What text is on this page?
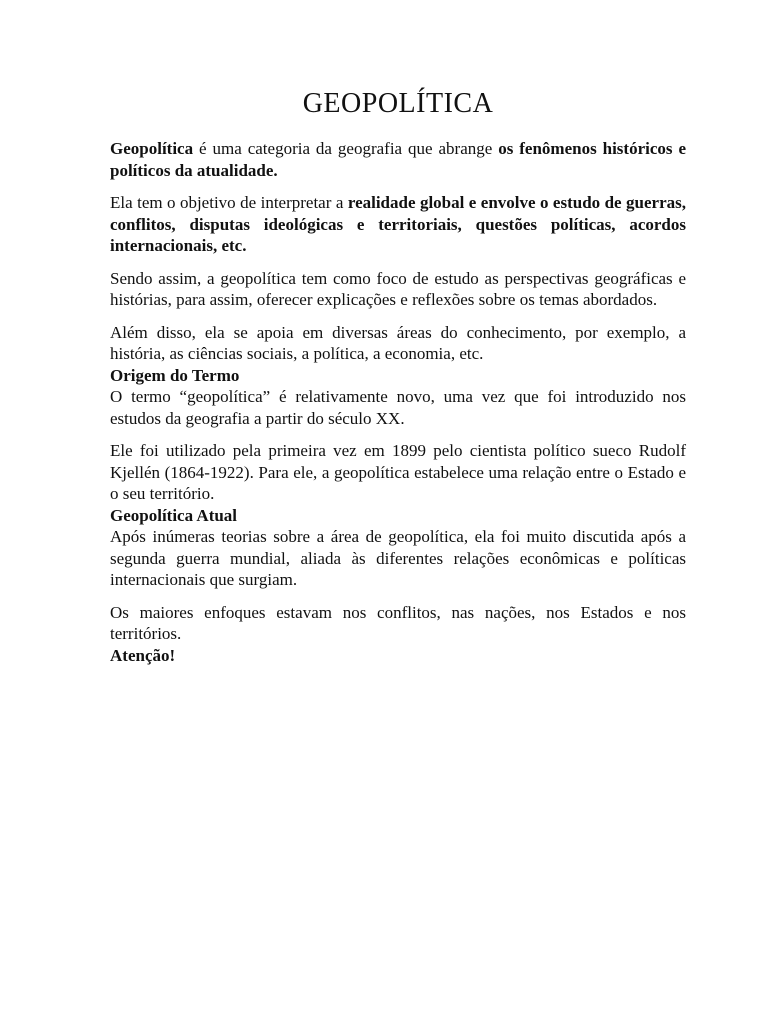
GEOPOLÍTICA

Geopolítica é uma categoria da geografia que abrange os fenômenos históricos e políticos da atualidade.

Ela tem o objetivo de interpretar a realidade global e envolve o estudo de guerras, conflitos, disputas ideológicas e territoriais, questões políticas, acordos internacionais, etc.

Sendo assim, a geopolítica tem como foco de estudo as perspectivas geográficas e histórias, para assim, oferecer explicações e reflexões sobre os temas abordados.

Além disso, ela se apoia em diversas áreas do conhecimento, por exemplo, a história, as ciências sociais, a política, a economia, etc.

Origem do Termo

O termo “geopolítica” é relativamente novo, uma vez que foi introduzido nos estudos da geografia a partir do século XX.

Ele foi utilizado pela primeira vez em 1899 pelo cientista político sueco Rudolf Kjellén (1864-1922). Para ele, a geopolítica estabelece uma relação entre o Estado e o seu território.

Geopolítica Atual

Após inúmeras teorias sobre a área de geopolítica, ela foi muito discutida após a segunda guerra mundial, aliada às diferentes relações econômicas e políticas internacionais que surgiam.

Os maiores enfoques estavam nos conflitos, nas nações, nos Estados e nos territórios.

Atenção!
